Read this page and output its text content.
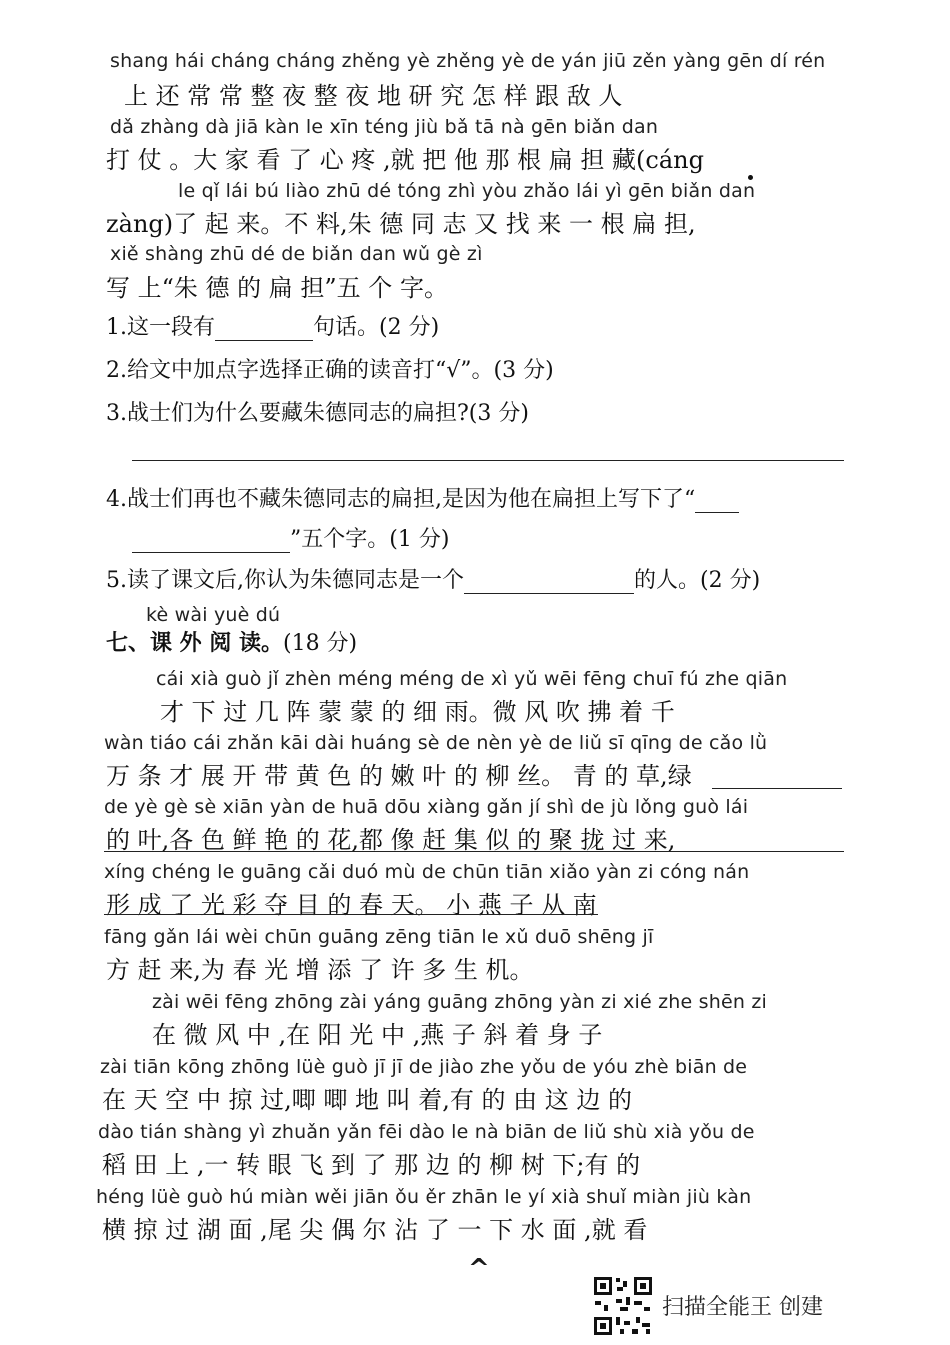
shang hái cháng cháng zhěng yè zhěng yè de yán jiū zěn yàng gēn dí rén
上 还 常 常 整 夜 整 夜 地 研 究 怎 样 跟 敌 人
dǎ zhàng dà jiā kàn le xīn téng jiù bǎ tā nà gēn biǎn dan
打 仗 。大 家 看 了 心 疼 ,就 把 他 那 根 扁 担 藏(cáng
le qǐ lái bú liào zhū dé tóng zhì yòu zhǎo lái yì gēn biǎn dan
zàng)了 起 来。不 料,朱 德 同 志 又 找 来 一 根 扁 担,
xiě shàng zhū dé de biǎn dan wǔ gè zì
写 上“朱 德 的 扁 担”五 个 字。
1.这一段有	句话。(2 分)
2.给文中加点字选择正确的读音打“√”。(3 分)
3.战士们为什么要藏朱德同志的扁担?(3 分)
4.战士们再也不藏朱德同志的扁担,是因为他在扁担上写下了“
”五个字。(1 分)
5.读了课文后,你认为朱德同志是一个	的人。(2 分)
kè wài yuè dú
七、课 外 阅 读。(18 分)
cái xià guò jǐ zhèn méng méng de xì yǔ wēi fēng chuī fú zhe qiān
才 下 过 几 阵 蒙 蒙 的 细 雨。微 风 吹 拂 着 千
wàn tiáo cái zhǎn kāi dài huáng sè de nèn yè de liǔ sī qīng de cǎo lǜ
万 条 才 展 开 带 黄 色 的 嫩 叶 的 柳 丝。 青 的 草,绿
de yè gè sè xiān yàn de huā dōu xiàng gǎn jí shì de jù lǒng guò lái
的 叶,各 色 鲜 艳 的 花,都 像 赶 集 似 的 聚 拢 过 来,
xíng chéng le guāng cǎi duó mù de chūn tiān xiǎo yàn zi cóng nán
形 成 了 光 彩 夺 目 的 春 天。 小 燕 子 从 南
fāng gǎn lái wèi chūn guāng zēng tiān le xǔ duō shēng jī
方 赶 来,为 春 光 增 添 了 许 多 生 机。
zài wēi fēng zhōng zài yáng guāng zhōng yàn zi xié zhe shēn zi
在 微 风 中 ,在 阳 光 中 ,燕 子 斜 着 身 子
zài tiān kōng zhōng lüè guò jī jī de jiào zhe yǒu de yóu zhè biān de
在 天 空 中 掠 过,唧 唧 地 叫 着,有 的 由 这 边 的
dào tián shàng yì zhuǎn yǎn fēi dào le nà biān de liǔ shù xià yǒu de
稻 田 上 ,一 转 眼 飞 到 了 那 边 的 柳 树 下;有 的
héng lüè guò hú miàn wěi jiān ǒu ěr zhān le yí xià shuǐ miàn jiù kàn
横 掠 过 湖 面 ,尾 尖 偶 尔 沾 了 一 下 水 面 ,就 看
^
扫描全能王 创建
